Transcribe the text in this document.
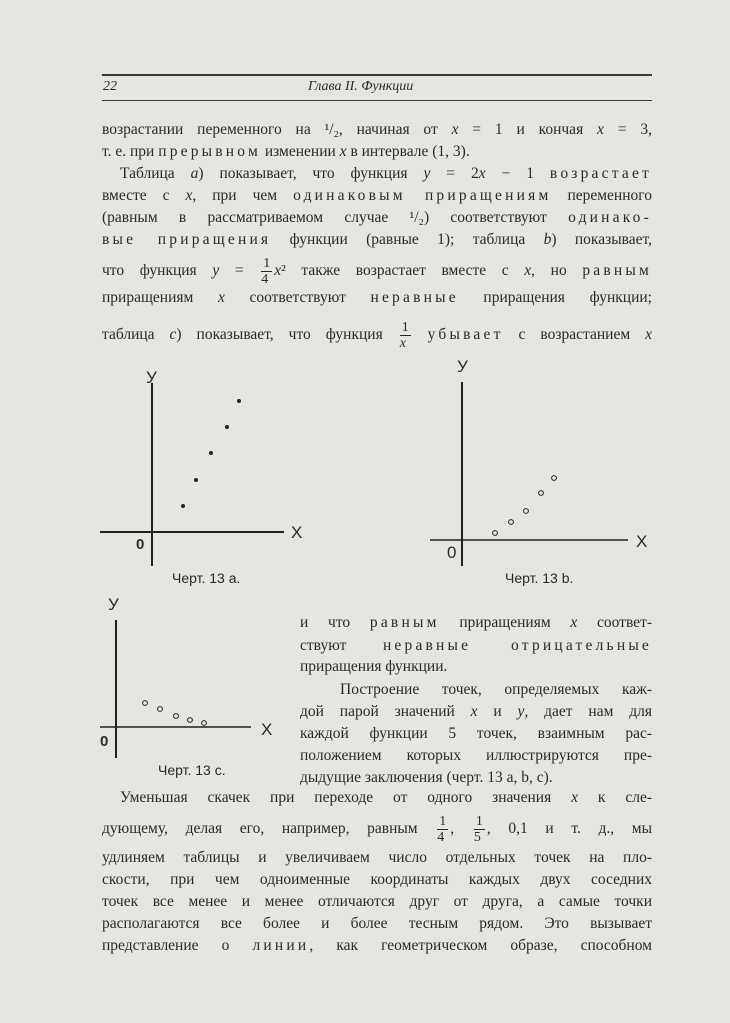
22	Глава II. Функции
возрастании переменного на ¹/₂, начиная от x = 1 и кончая x = 3,
т. е. при прерывном изменении x в интервале (1, 3).
Таблица a) показывает, что функция y = 2x − 1 возрастает
вместе с x, при чем одинаковым приращениям переменного
(равным в рассматриваемом случае ¹/₂) соответствуют одинако-
вые приращения функции (равные 1); таблица b) показывает,
что функция $y = \frac{1}{4} x^2$ также возрастает вместе с x, но равным
приращениям x соответствуют неравные приращения функции;
таблица c) показывает, что функция $\frac{1}{x}$ убывает с возрастанием x
и что равным приращениям x соответ-
ствуют неравные отрицательные
приращения функции.
Построение точек, определяемых каж-
дой парой значений x и y, дает нам для
каждой функции 5 точек, взаимным рас-
положением которых иллюстрируются пре-
дыдущие заключения (черт. 13 a, b, c).
Уменьшая скачек при переходе от одного значения x к сле-
дующему, делая его, например, равным $\frac{1}{4}$ , $\frac{1}{5}$ , 0,1 и т. д., мы
удлиняем таблицы и увеличиваем число отдельных точек на пло-
скости, при чем одноименные координаты каждых двух соседних
точек все менее и менее отличаются друг от друга, а самые точки
располагаются все более и более тесным рядом. Это вызывает
представление о линии, как геометрическом образе, способном
У
X
0
Черт. 13 а.
У
X
0
Черт. 13 b.
У
X
0
Черт. 13 с.
